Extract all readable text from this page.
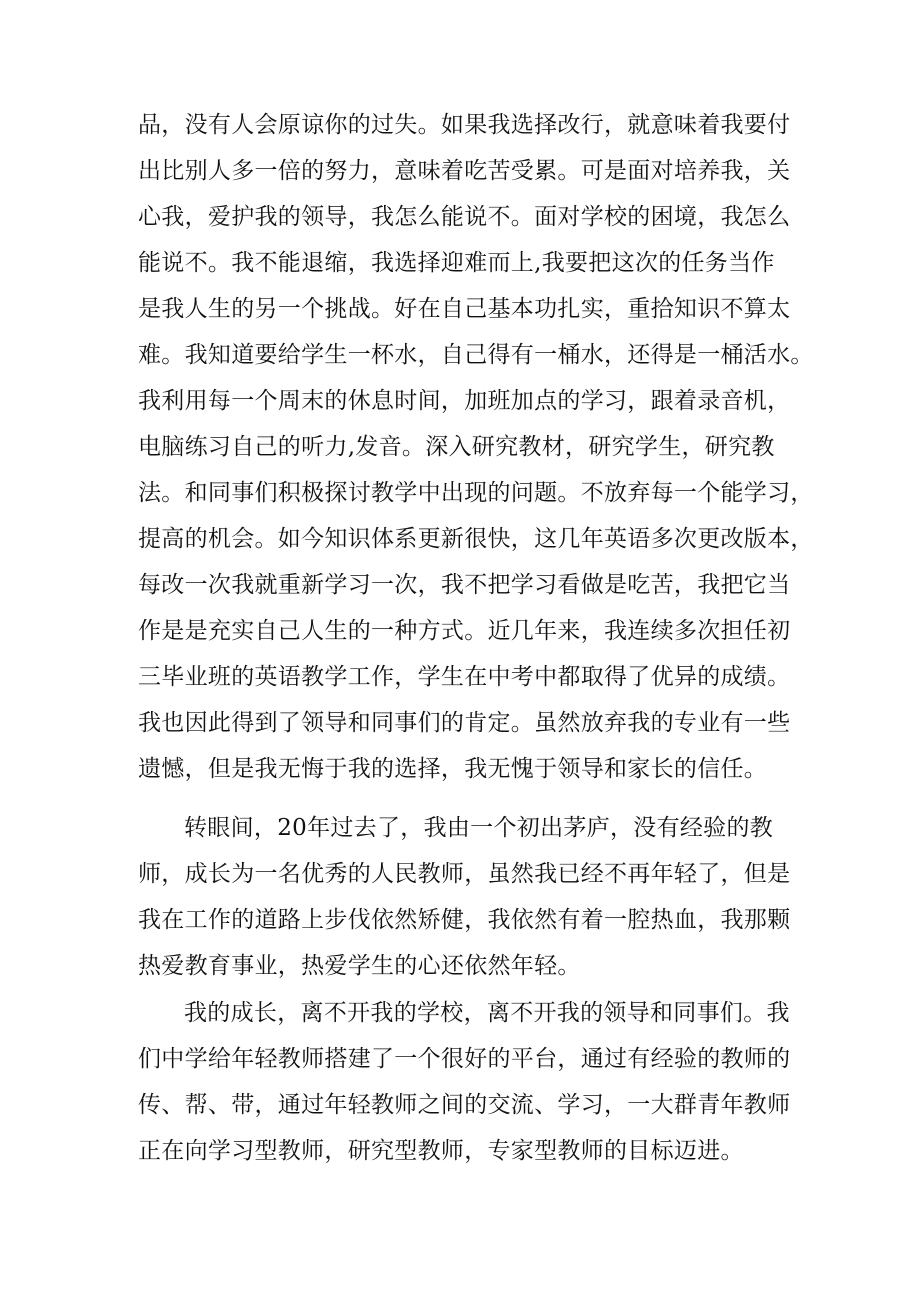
品，没有人会原谅你的过失。如果我选择改行，就意味着我要付
出比别人多一倍的努力，意味着吃苦受累。可是面对培养我，关
心我，爱护我的领导，我怎么能说不。面对学校的困境，我怎么
能说不。我不能退缩，我选择迎难而上,我要把这次的任务当作
是我人生的另一个挑战。好在自己基本功扎实，重拾知识不算太
难。我知道要给学生一杯水，自己得有一桶水，还得是一桶活水。
我利用每一个周末的休息时间，加班加点的学习，跟着录音机，
电脑练习自己的听力,发音。深入研究教材，研究学生，研究教
法。和同事们积极探讨教学中出现的问题。不放弃每一个能学习，
提高的机会。如今知识体系更新很快，这几年英语多次更改版本，
每改一次我就重新学习一次，我不把学习看做是吃苦，我把它当
作是是充实自己人生的一种方式。近几年来，我连续多次担任初
三毕业班的英语教学工作，学生在中考中都取得了优异的成绩。
我也因此得到了领导和同事们的肯定。虽然放弃我的专业有一些
遗憾，但是我无悔于我的选择，我无愧于领导和家长的信任。
转眼间，20年过去了，我由一个初出茅庐，没有经验的教
师，成长为一名优秀的人民教师，虽然我已经不再年轻了，但是
我在工作的道路上步伐依然矫健，我依然有着一腔热血，我那颗
热爱教育事业，热爱学生的心还依然年轻。
我的成长，离不开我的学校，离不开我的领导和同事们。我
们中学给年轻教师搭建了一个很好的平台，通过有经验的教师的
传、帮、带，通过年轻教师之间的交流、学习，一大群青年教师
正在向学习型教师，研究型教师，专家型教师的目标迈进。
